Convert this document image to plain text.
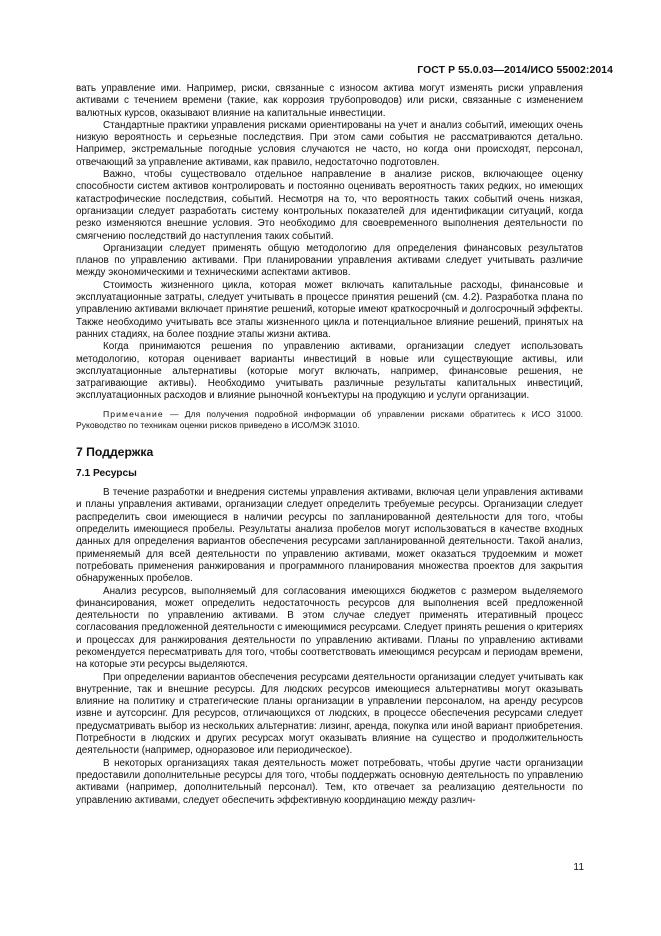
ГОСТ Р 55.0.03—2014/ИСО 55002:2014

вать управление ими. Например, риски, связанные с износом актива могут изменять риски управления активами с течением времени (такие, как коррозия трубопроводов) или риски, связанные с изменением валютных курсов, оказывают влияние на капитальные инвестиции.

Стандартные практики управления рисками ориентированы на учет и анализ событий, имеющих очень низкую вероятность и серьезные последствия. При этом сами события не рассматриваются детально. Например, экстремальные погодные условия случаются не часто, но когда они происходят, персонал, отвечающий за управление активами, как правило, недостаточно подготовлен.

Важно, чтобы существовало отдельное направление в анализе рисков, включающее оценку способности систем активов контролировать и постоянно оценивать вероятность таких редких, но имеющих катастрофические последствия, событий. Несмотря на то, что вероятность таких событий очень низкая, организации следует разработать систему контрольных показателей для идентификации ситуаций, когда резко изменяются внешние условия. Это необходимо для своевременного выполнения деятельности по смягчению последствий до наступления таких событий.

Организации следует применять общую методологию для определения финансовых результатов планов по управлению активами. При планировании управления активами следует учитывать различие между экономическими и техническими аспектами активов.

Стоимость жизненного цикла, которая может включать капитальные расходы, финансовые и эксплуатационные затраты, следует учитывать в процессе принятия решений (см. 4.2). Разработка плана по управлению активами включает принятие решений, которые имеют краткосрочный и долгосрочный эффекты. Также необходимо учитывать все этапы жизненного цикла и потенциальное влияние решений, принятых на ранних стадиях, на более поздние этапы жизни актива.

Когда принимаются решения по управлению активами, организации следует использовать методологию, которая оценивает варианты инвестиций в новые или существующие активы, или эксплуатационные альтернативы (которые могут включать, например, финансовые решения, не затрагивающие активы). Необходимо учитывать различные результаты капитальных инвестиций, эксплуатационных расходов и влияние рыночной конъектуры на продукцию и услуги организации.

Примечание — Для получения подробной информации об управлении рисками обратитесь к ИСО 31000. Руководство по техникам оценки рисков приведено в ИСО/МЭК 31010.

7 Поддержка
7.1 Ресурсы

В течение разработки и внедрения системы управления активами, включая цели управления активами и планы управления активами, организации следует определить требуемые ресурсы. Организации следует распределить свои имеющиеся в наличии ресурсы по запланированной деятельности для того, чтобы определить имеющиеся пробелы. Результаты анализа пробелов могут использоваться в качестве входных данных для определения вариантов обеспечения ресурсами запланированной деятельности. Такой анализ, применяемый для всей деятельности по управлению активами, может оказаться трудоемким и может потребовать применения ранжирования и программного планирования множества проектов для закрытия обнаруженных пробелов.

Анализ ресурсов, выполняемый для согласования имеющихся бюджетов с размером выделяемого финансирования, может определить недостаточность ресурсов для выполнения всей предложенной деятельности по управлению активами. В этом случае следует применять итеративный процесс согласования предложенной деятельности с имеющимися ресурсами. Следует принять решения о критериях и процессах для ранжирования деятельности по управлению активами. Планы по управлению активами рекомендуется пересматривать для того, чтобы соответствовать имеющимся ресурсам и периодам времени, на которые эти ресурсы выделяются.

При определении вариантов обеспечения ресурсами деятельности организации следует учитывать как внутренние, так и внешние ресурсы. Для людских ресурсов имеющиеся альтернативы могут оказывать влияние на политику и стратегические планы организации в управлении персоналом, на аренду ресурсов извне и аутсорсинг. Для ресурсов, отличающихся от людских, в процессе обеспечения ресурсами следует предусматривать выбор из нескольких альтернатив: лизинг, аренда, покупка или иной вариант приобретения. Потребности в людских и других ресурсах могут оказывать влияние на существо и продолжительность деятельности (например, одноразовое или периодическое).

В некоторых организациях такая деятельность может потребовать, чтобы другие части организации предоставили дополнительные ресурсы для того, чтобы поддержать основную деятельность по управлению активами (например, дополнительный персонал). Тем, кто отвечает за реализацию деятельности по управлению активами, следует обеспечить эффективную координацию между различ-

11
